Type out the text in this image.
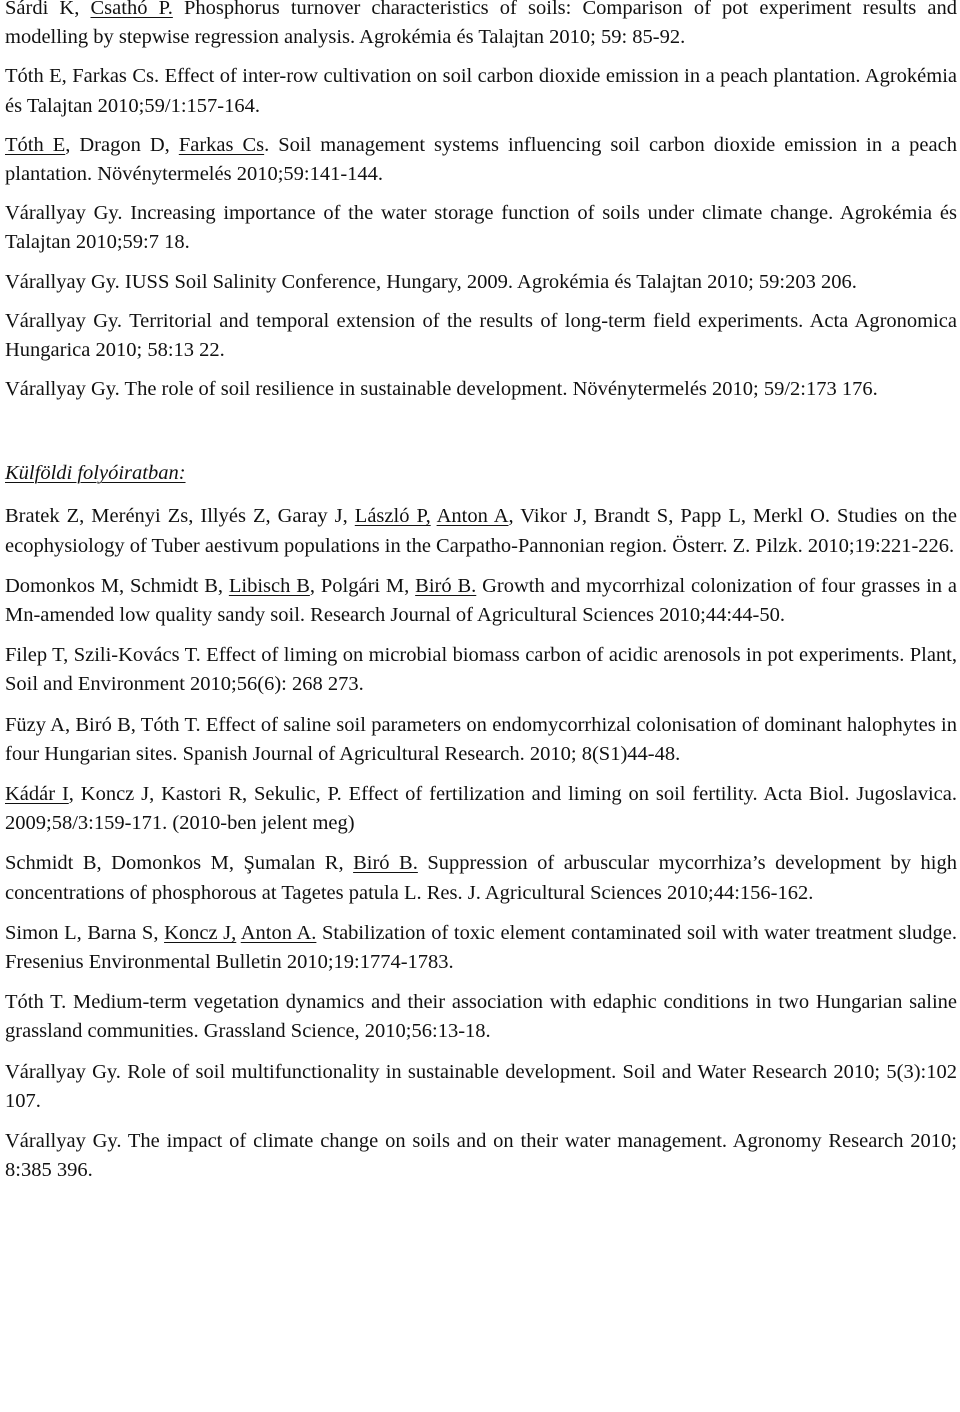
Sárdi K, Csathó P. Phosphorus turnover characteristics of soils: Comparison of pot experiment results and modelling by stepwise regression analysis. Agrokémia és Talajtan 2010; 59: 85-92.
Tóth E, Farkas Cs. Effect of inter-row cultivation on soil carbon dioxide emission in a peach plantation. Agrokémia és Talajtan 2010;59/1:157-164.
Tóth E, Dragon D, Farkas Cs. Soil management systems influencing soil carbon dioxide emission in a peach plantation. Növénytermelés 2010;59:141-144.
Várallyay Gy. Increasing importance of the water storage function of soils under climate change. Agrokémia és Talajtan 2010;59:7 18.
Várallyay Gy. IUSS Soil Salinity Conference, Hungary, 2009. Agrokémia és Talajtan 2010; 59:203 206.
Várallyay Gy. Territorial and temporal extension of the results of long-term field experiments. Acta Agronomica Hungarica 2010; 58:13 22.
Várallyay Gy. The role of soil resilience in sustainable development. Növénytermelés 2010; 59/2:173 176.
Külföldi folyóiratban:
Bratek Z, Merényi Zs, Illyés Z, Garay J, László P, Anton A, Vikor J, Brandt S, Papp L, Merkl O. Studies on the ecophysiology of Tuber aestivum populations in the Carpatho-Pannonian region. Österr. Z. Pilzk. 2010;19:221-226.
Domonkos M, Schmidt B, Libisch B, Polgári M, Biró B. Growth and mycorrhizal colonization of four grasses in a Mn-amended low quality sandy soil. Research Journal of Agricultural Sciences 2010;44:44-50.
Filep T, Szili-Kovács T. Effect of liming on microbial biomass carbon of acidic arenosols in pot experiments. Plant, Soil and Environment 2010;56(6): 268 273.
Füzy A, Biró B, Tóth T. Effect of saline soil parameters on endomycorrhizal colonisation of dominant halophytes in four Hungarian sites. Spanish Journal of Agricultural Research. 2010; 8(S1)44-48.
Kádár I, Koncz J, Kastori R, Sekulic, P. Effect of fertilization and liming on soil fertility. Acta Biol. Jugoslavica. 2009;58/3:159-171. (2010-ben jelent meg)
Schmidt B, Domonkos M, Şumalan R, Biró B. Suppression of arbuscular mycorrhiza’s development by high concentrations of phosphorous at Tagetes patula L. Res. J. Agricultural Sciences 2010;44:156-162.
Simon L, Barna S, Koncz J, Anton A. Stabilization of toxic element contaminated soil with water treatment sludge. Fresenius Environmental Bulletin 2010;19:1774-1783.
Tóth T. Medium-term vegetation dynamics and their association with edaphic conditions in two Hungarian saline grassland communities. Grassland Science, 2010;56:13-18.
Várallyay Gy. Role of soil multifunctionality in sustainable development. Soil and Water Research 2010; 5(3):102 107.
Várallyay Gy. The impact of climate change on soils and on their water management. Agronomy Research 2010; 8:385 396.
